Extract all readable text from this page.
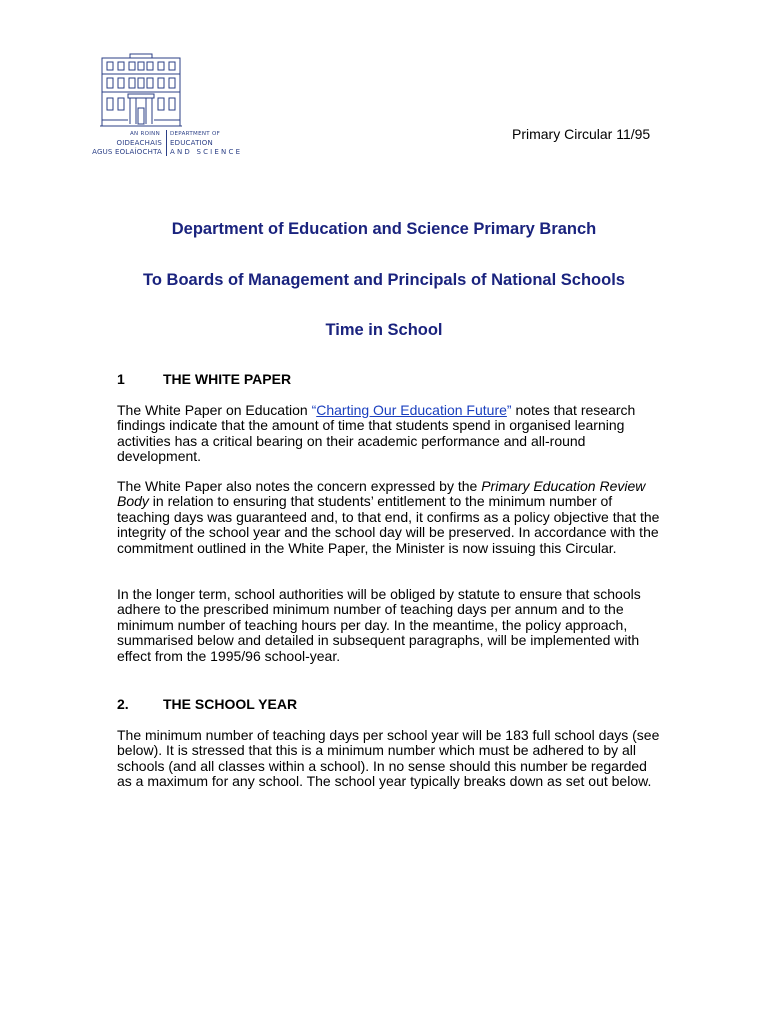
AN ROINN
OIDEACHAIS
AGUS EOLAÍOCHTA
DEPARTMENT OF
EDUCATION
AND SCIENCE
Primary Circular 11/95
Department of Education and Science Primary Branch
To Boards of Management and Principals of National Schools
Time in School
1	THE WHITE PAPER
The White Paper on Education “Charting Our Education Future” notes that research findings indicate that the amount of time that students spend in organised learning activities has a critical bearing on their academic performance and all-round development.
The White Paper also notes the concern expressed by the Primary Education Review Body in relation to ensuring that students’ entitlement to the minimum number of teaching days was guaranteed and, to that end, it confirms as a policy objective that the integrity of the school year and the school day will be preserved. In accordance with the commitment outlined in the White Paper, the Minister is now issuing this Circular.
In the longer term, school authorities will be obliged by statute to ensure that schools adhere to the prescribed minimum number of teaching days per annum and to the minimum number of teaching hours per day. In the meantime, the policy approach, summarised below and detailed in subsequent paragraphs, will be implemented with effect from the 1995/96 school-year.
2. THE SCHOOL YEAR
The minimum number of teaching days per school year will be 183 full school days (see below). It is stressed that this is a minimum number which must be adhered to by all schools (and all classes within a school). In no sense should this number be regarded as a maximum for any school. The school year typically breaks down as set out below.
